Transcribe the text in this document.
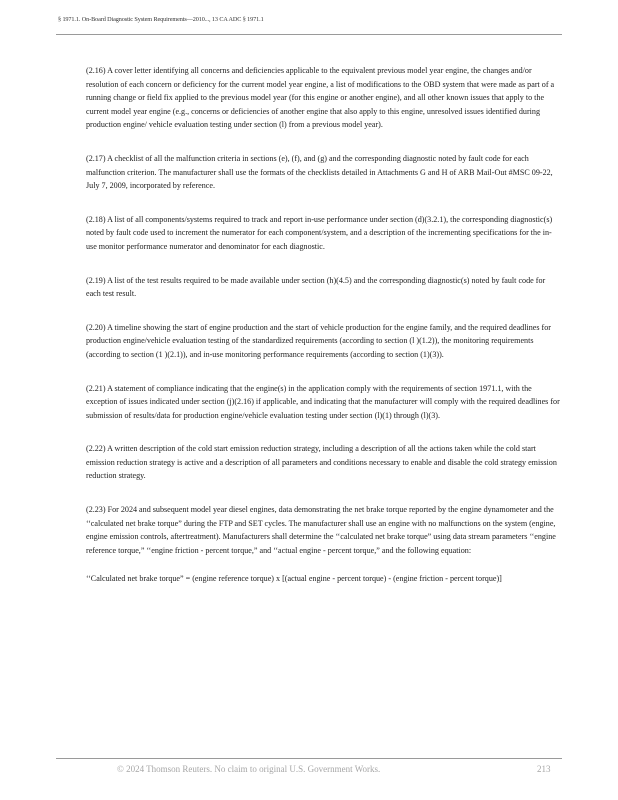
§ 1971.1. On-Board Diagnostic System Requirements—2010..., 13 CA ADC § 1971.1

(2.16) A cover letter identifying all concerns and deficiencies applicable to the equivalent previous model year engine, the changes and/or resolution of each concern or deficiency for the current model year engine, a list of modifications to the OBD system that were made as part of a running change or field fix applied to the previous model year (for this engine or another engine), and all other known issues that apply to the current model year engine (e.g., concerns or deficiencies of another engine that also apply to this engine, unresolved issues identified during production engine/ vehicle evaluation testing under section (l) from a previous model year).

(2.17) A checklist of all the malfunction criteria in sections (e), (f), and (g) and the corresponding diagnostic noted by fault code for each malfunction criterion. The manufacturer shall use the formats of the checklists detailed in Attachments G and H of ARB Mail-Out #MSC 09-22, July 7, 2009, incorporated by reference.

(2.18) A list of all components/systems required to track and report in-use performance under section (d)(3.2.1), the corresponding diagnostic(s) noted by fault code used to increment the numerator for each component/system, and a description of the incrementing specifications for the in-use monitor performance numerator and denominator for each diagnostic.

(2.19) A list of the test results required to be made available under section (h)(4.5) and the corresponding diagnostic(s) noted by fault code for each test result.

(2.20) A timeline showing the start of engine production and the start of vehicle production for the engine family, and the required deadlines for production engine/vehicle evaluation testing of the standardized requirements (according to section (l )(1.2)), the monitoring requirements (according to section (1 )(2.1)), and in-use monitoring performance requirements (according to section (1)(3)).

(2.21) A statement of compliance indicating that the engine(s) in the application comply with the requirements of section 1971.1, with the exception of issues indicated under section (j)(2.16) if applicable, and indicating that the manufacturer will comply with the required deadlines for submission of results/data for production engine/vehicle evaluation testing under section (l)(1) through (l)(3).

(2.22) A written description of the cold start emission reduction strategy, including a description of all the actions taken while the cold start emission reduction strategy is active and a description of all parameters and conditions necessary to enable and disable the cold strategy emission reduction strategy.

(2.23) For 2024 and subsequent model year diesel engines, data demonstrating the net brake torque reported by the engine dynamometer and the ‘‘calculated net brake torque” during the FTP and SET cycles. The manufacturer shall use an engine with no malfunctions on the system (engine, engine emission controls, aftertreatment). Manufacturers shall determine the ‘‘calculated net brake torque” using data stream parameters ‘‘engine reference torque,” ‘‘engine friction - percent torque,” and ‘‘actual engine - percent torque,” and the following equation:

‘‘Calculated net brake torque” = (engine reference torque) x [(actual engine - percent torque) - (engine friction - percent torque)]

© 2024 Thomson Reuters. No claim to original U.S. Government Works.	213
